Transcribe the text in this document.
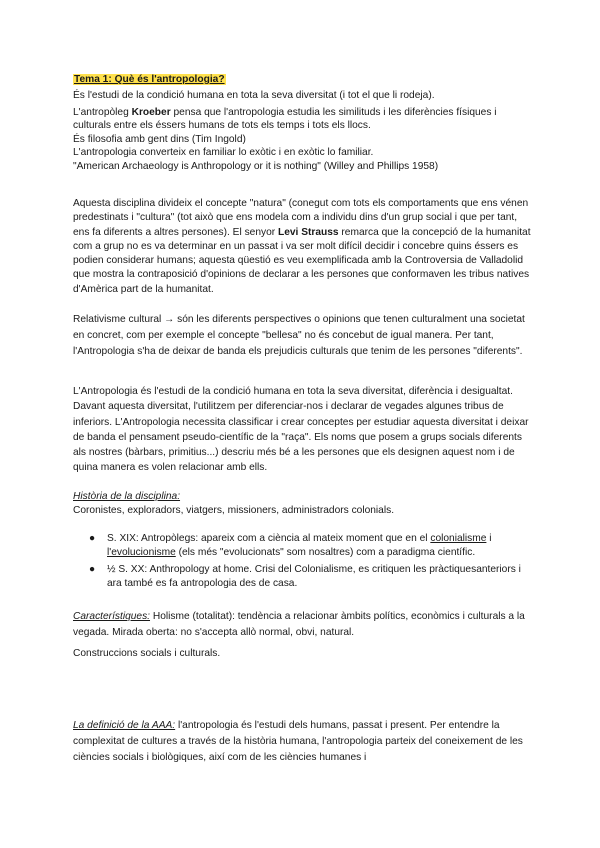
Tema 1: Què és l'antropologia?

És l'estudi de la condició humana en tota la seva diversitat (i tot el que li rodeja).
L'antropòleg Kroeber pensa que l'antropologia estudia les similituds i les diferències físiques i culturals entre els éssers humans de tots els temps i tots els llocs.
És filosofia amb gent dins (Tim Ingold)
L'antropologia converteix en familiar lo exòtic i en exòtic lo familiar.
"American Archaeology is Anthropology or it is nothing" (Willey and Phillips 1958)

Aquesta disciplina divideix el concepte "natura" (conegut com tots els comportaments que ens vénen predestinats i "cultura" (tot això que ens modela com a individu dins d'un grup social i que per tant, ens fa diferents a altres persones). El senyor Levi Strauss remarca que la concepció de la humanitat com a grup no es va determinar en un passat i va ser molt difícil decidir i concebre quins éssers es podien considerar humans; aquesta qüestió es veu exemplificada amb la Controversia de Valladolid que mostra la contraposició d'opinions de declarar a les persones que conformaven les tribus natives d'Amèrica part de la humanitat.

Relativisme cultural → són les diferents perspectives o opinions que tenen culturalment una societat en concret, com per exemple el concepte "bellesa" no és concebut de igual manera. Per tant, l'Antropologia s'ha de deixar de banda els prejudicis culturals que tenim de les persones "diferents".

L'Antropologia és l'estudi de la condició humana en tota la seva diversitat, diferència i desigualtat. Davant aquesta diversitat, l'utilitzem per diferenciar-nos i declarar de vegades algunes tribus de inferiors. L'Antropologia necessita classificar i crear conceptes per estudiar aquesta diversitat i deixar de banda el pensament pseudo-científic de la "raça". Els noms que posem a grups socials diferents als nostres (bàrbars, primitius...) descriu més bé a les persones que els designen aquest nom i de quina manera es volen relacionar amb ells.

Història de la disciplina:
Coronistes, exploradors, viatgers, missioners, administradors colonials.
● S. XIX: Antropòlegs: apareix com a ciència al mateix moment que en el colonialisme i l'evolucionisme (els més "evolucionats" som nosaltres) com a paradigma científic.
● ½ S. XX: Anthropology at home. Crisi del Colonialisme, es critiquen les pràctiquesanteriors i ara també es fa antropologia des de casa.
Característiques: Holisme (totalitat): tendència a relacionar àmbits polítics, econòmics i culturals a la vegada. Mirada oberta: no s'accepta allò normal, obvi, natural.
Construccions socials i culturals.

La definició de la AAA: l'antropologia és l'estudi dels humans, passat i present. Per entendre la complexitat de cultures a través de la història humana, l'antropologia parteix del coneixement de les ciències socials i biològiques, així com de les ciències humanes i
